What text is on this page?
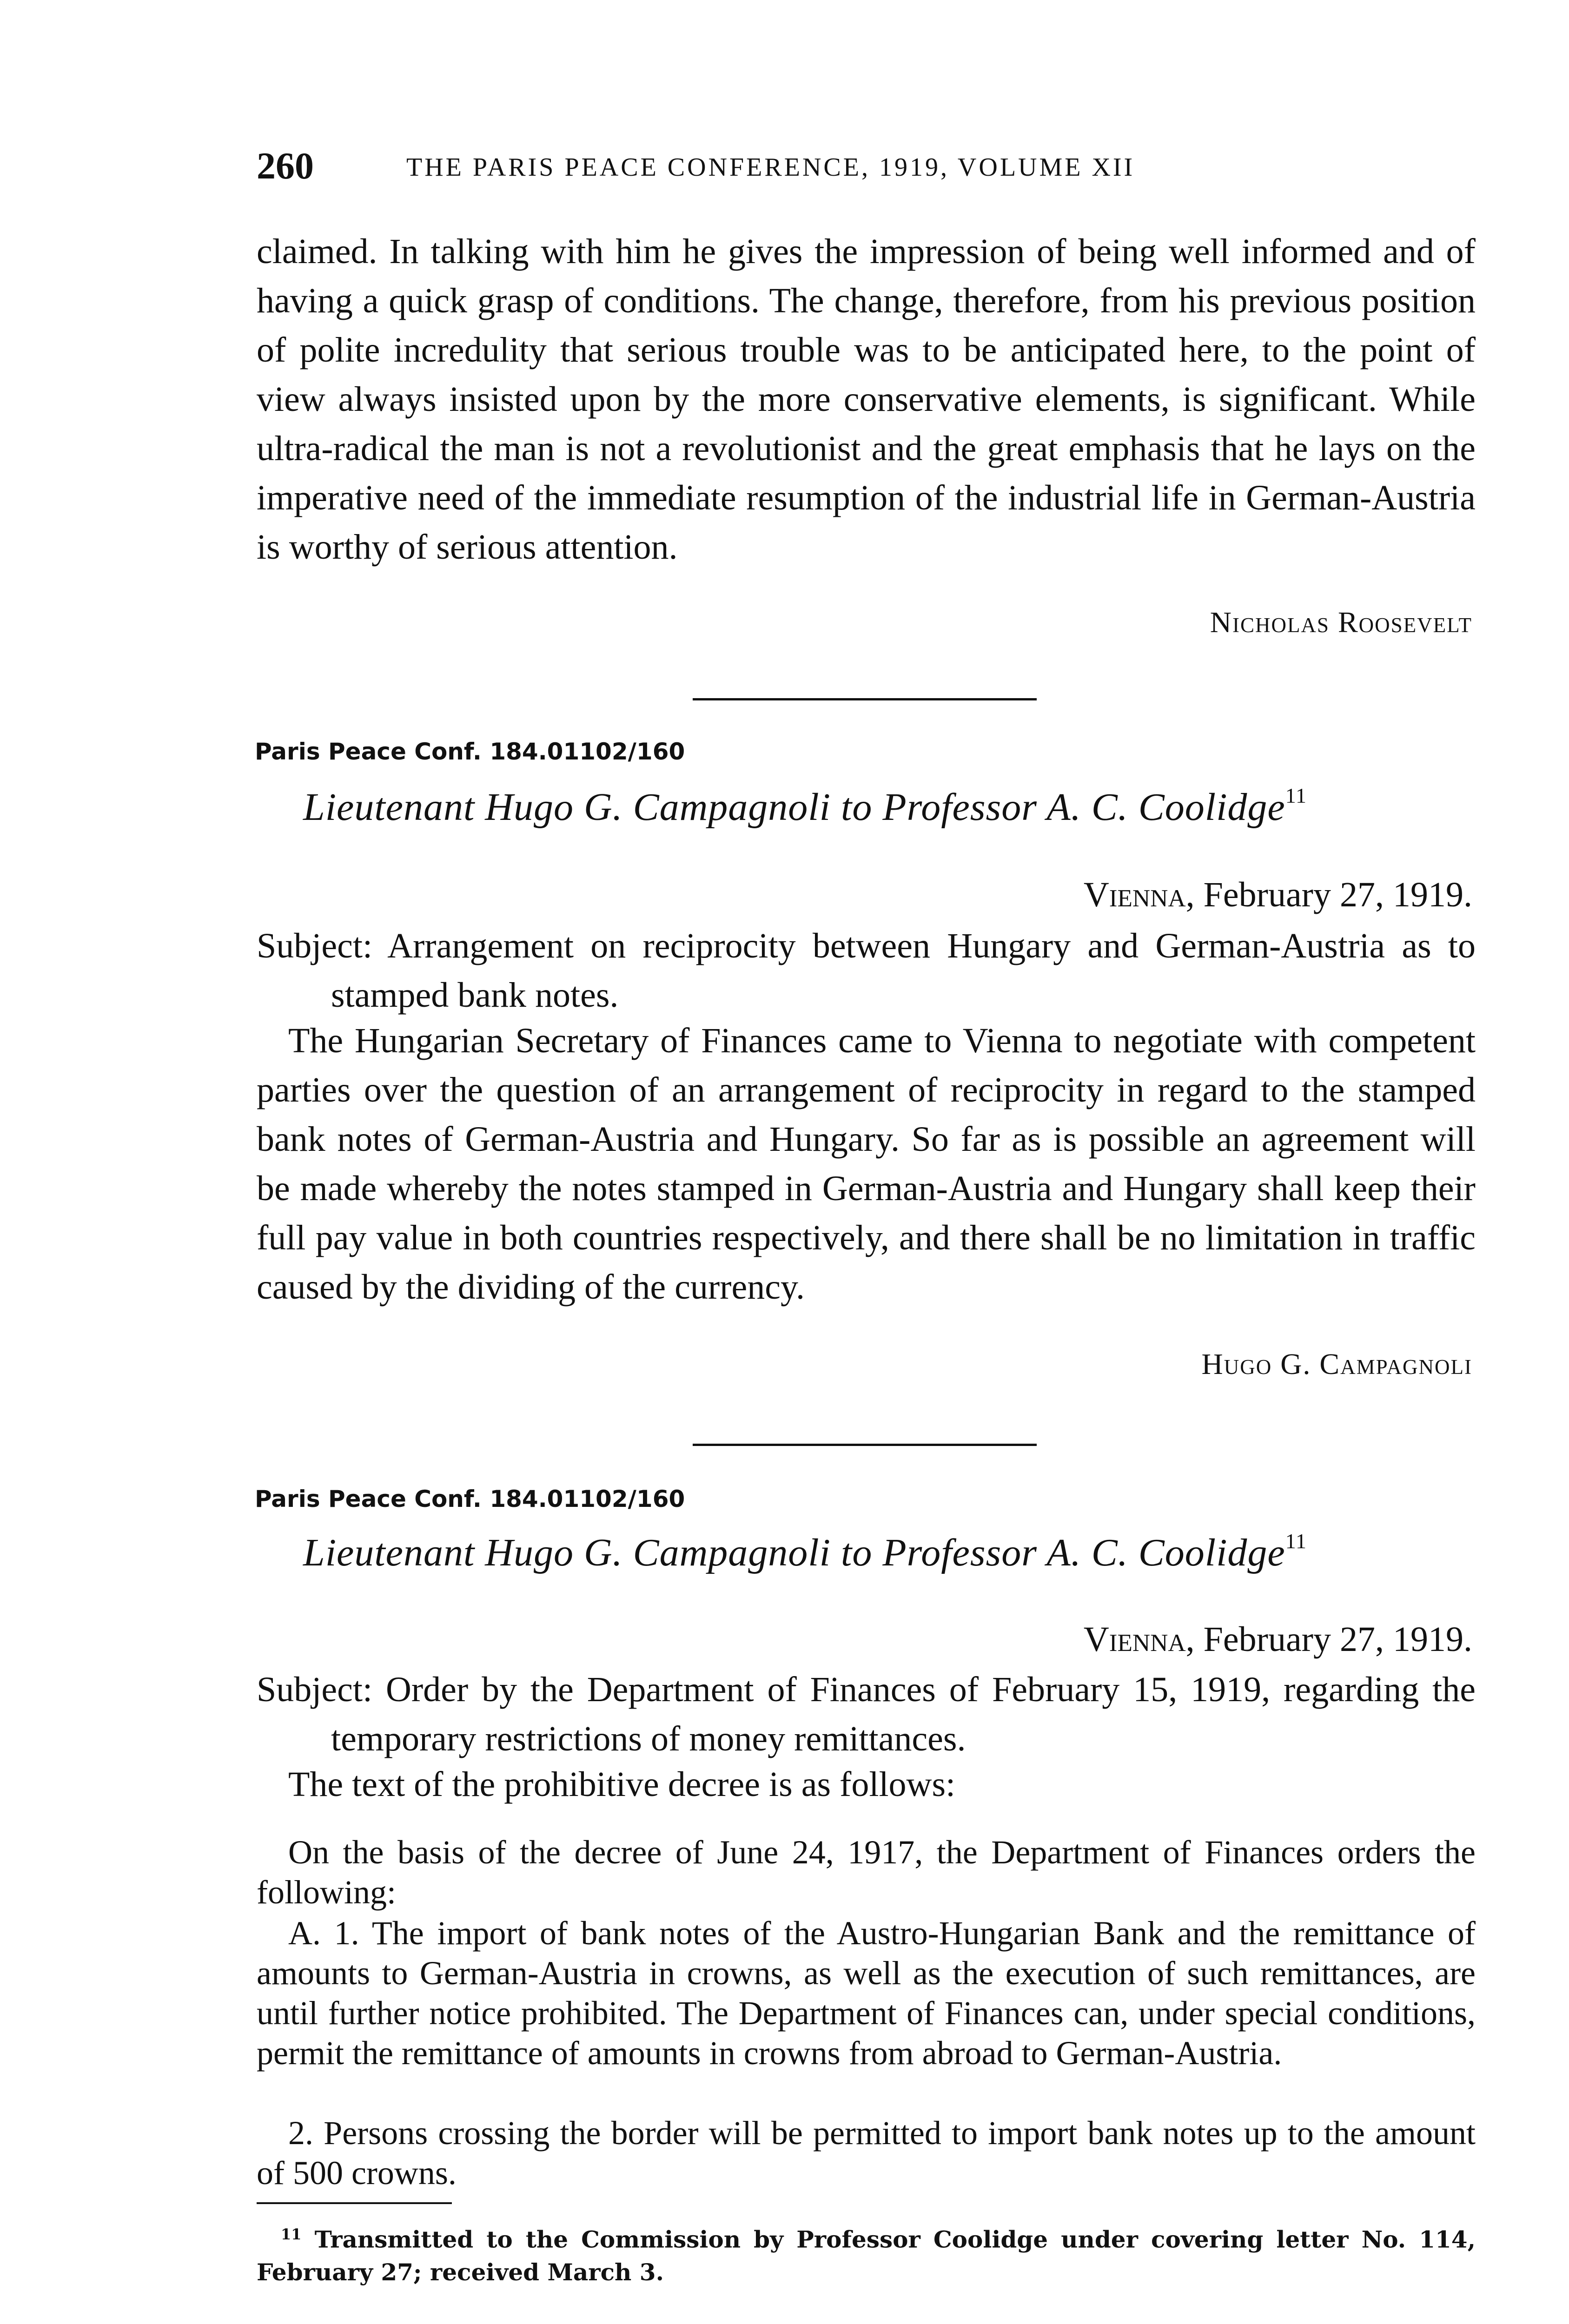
260	THE PARIS PEACE CONFERENCE, 1919, VOLUME XII

claimed. In talking with him he gives the impression of being well informed and of having a quick grasp of conditions. The change, therefore, from his previous position of polite incredulity that serious trouble was to be anticipated here, to the point of view always insisted upon by the more conservative elements, is significant. While ultra-radical the man is not a revolutionist and the great emphasis that he lays on the imperative need of the immediate resumption of the industrial life in German-Austria is worthy of serious attention.

Nicholas Roosevelt
Paris Peace Conf. 184.01102/160
Lieutenant Hugo G. Campagnoli to Professor A. C. Coolidge$^{11}$
Vienna, February 27, 1919.

Subject: Arrangement on reciprocity between Hungary and German-Austria as to stamped bank notes.

The Hungarian Secretary of Finances came to Vienna to negotiate with competent parties over the question of an arrangement of reciprocity in regard to the stamped bank notes of German-Austria and Hungary. So far as is possible an agreement will be made whereby the notes stamped in German-Austria and Hungary shall keep their full pay value in both countries respectively, and there shall be no limitation in traffic caused by the dividing of the currency.

Hugo G. Campagnoli
Paris Peace Conf. 184.01102/160
Lieutenant Hugo G. Campagnoli to Professor A. C. Coolidge$^{11}$
Vienna, February 27, 1919.

Subject: Order by the Department of Finances of February 15, 1919, regarding the temporary restrictions of money remittances.

The text of the prohibitive decree is as follows:

On the basis of the decree of June 24, 1917, the Department of Finances orders the following:

A. 1. The import of bank notes of the Austro-Hungarian Bank and the remittance of amounts to German-Austria in crowns, as well as the execution of such remittances, are until further notice prohibited. The Department of Finances can, under special conditions, permit the remittance of amounts in crowns from abroad to German-Austria.

2. Persons crossing the border will be permitted to import bank notes up to the amount of 500 crowns.

$^{11}$ Transmitted to the Commission by Professor Coolidge under covering letter No. 114, February 27; received March 3.
